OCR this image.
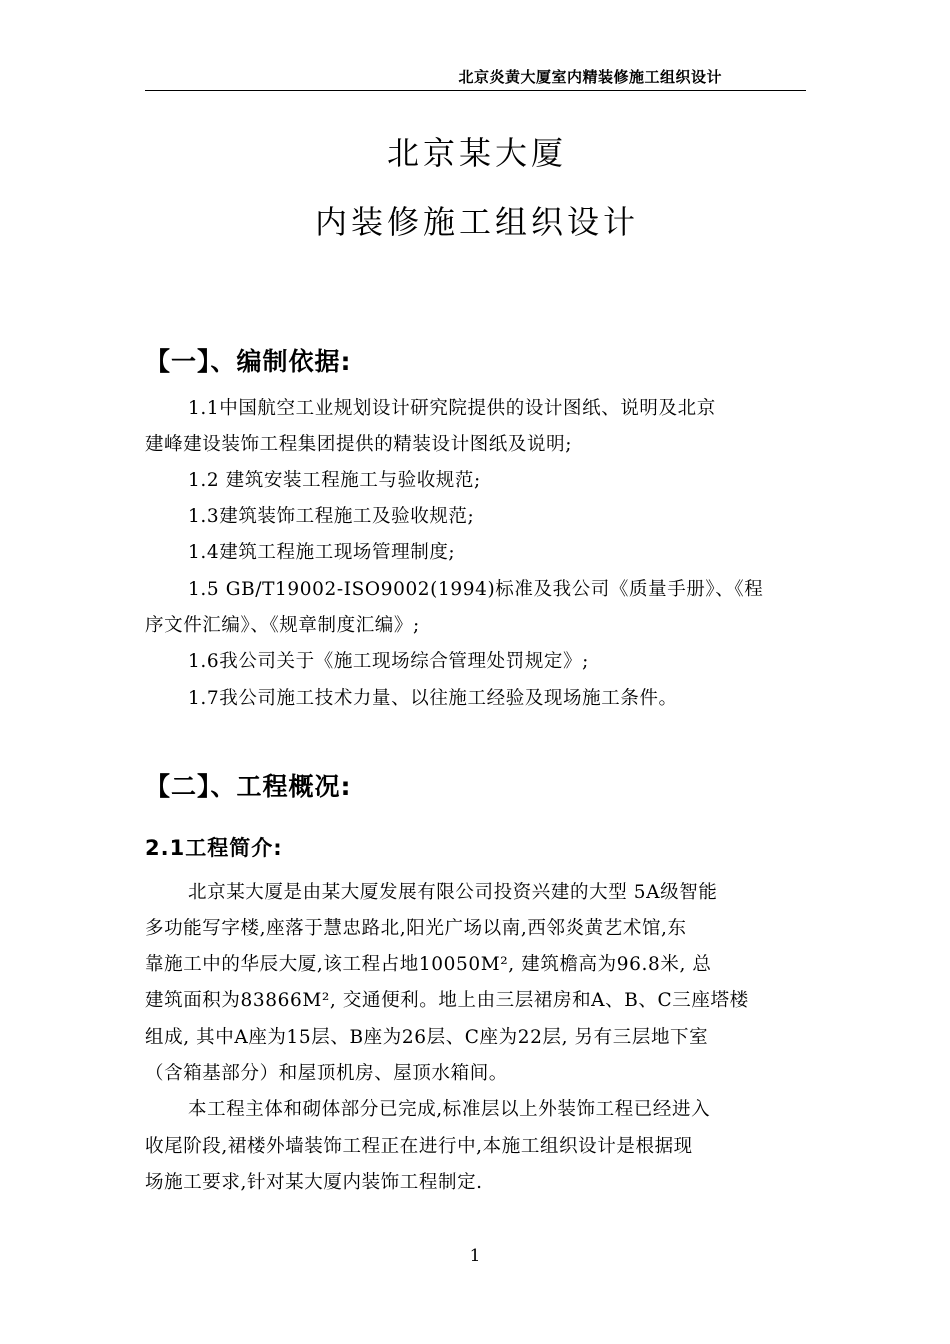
北京炎黄大厦室内精装修施工组织设计
北京某大厦
内装修施工组织设计
【一】、编制依据:
1.1中国航空工业规划设计研究院提供的设计图纸、说明及北京
建峰建设装饰工程集团提供的精装设计图纸及说明;
1.2 建筑安装工程施工与验收规范;
1.3建筑装饰工程施工及验收规范;
1.4建筑工程施工现场管理制度;
1.5 GB/T19002-ISO9002(1994)标准及我公司《质量手册》、《程
序文件汇编》、《规章制度汇编》;
1.6我公司关于《施工现场综合管理处罚规定》;
1.7我公司施工技术力量、以往施工经验及现场施工条件。
【二】、工程概况:
2.1工程简介:
北京某大厦是由某大厦发展有限公司投资兴建的大型 5A级智能
多功能写字楼,座落于慧忠路北,阳光广场以南,西邻炎黄艺术馆,东
靠施工中的华辰大厦,该工程占地10050M², 建筑檐高为96.8米, 总
建筑面积为83866M², 交通便利。地上由三层裙房和A、B、C三座塔楼
组成, 其中A座为15层、B座为26层、C座为22层, 另有三层地下室
（含箱基部分）和屋顶机房、屋顶水箱间。
本工程主体和砌体部分已完成,标准层以上外装饰工程已经进入
收尾阶段,裙楼外墙装饰工程正在进行中,本施工组织设计是根据现
场施工要求,针对某大厦内装饰工程制定.
1
